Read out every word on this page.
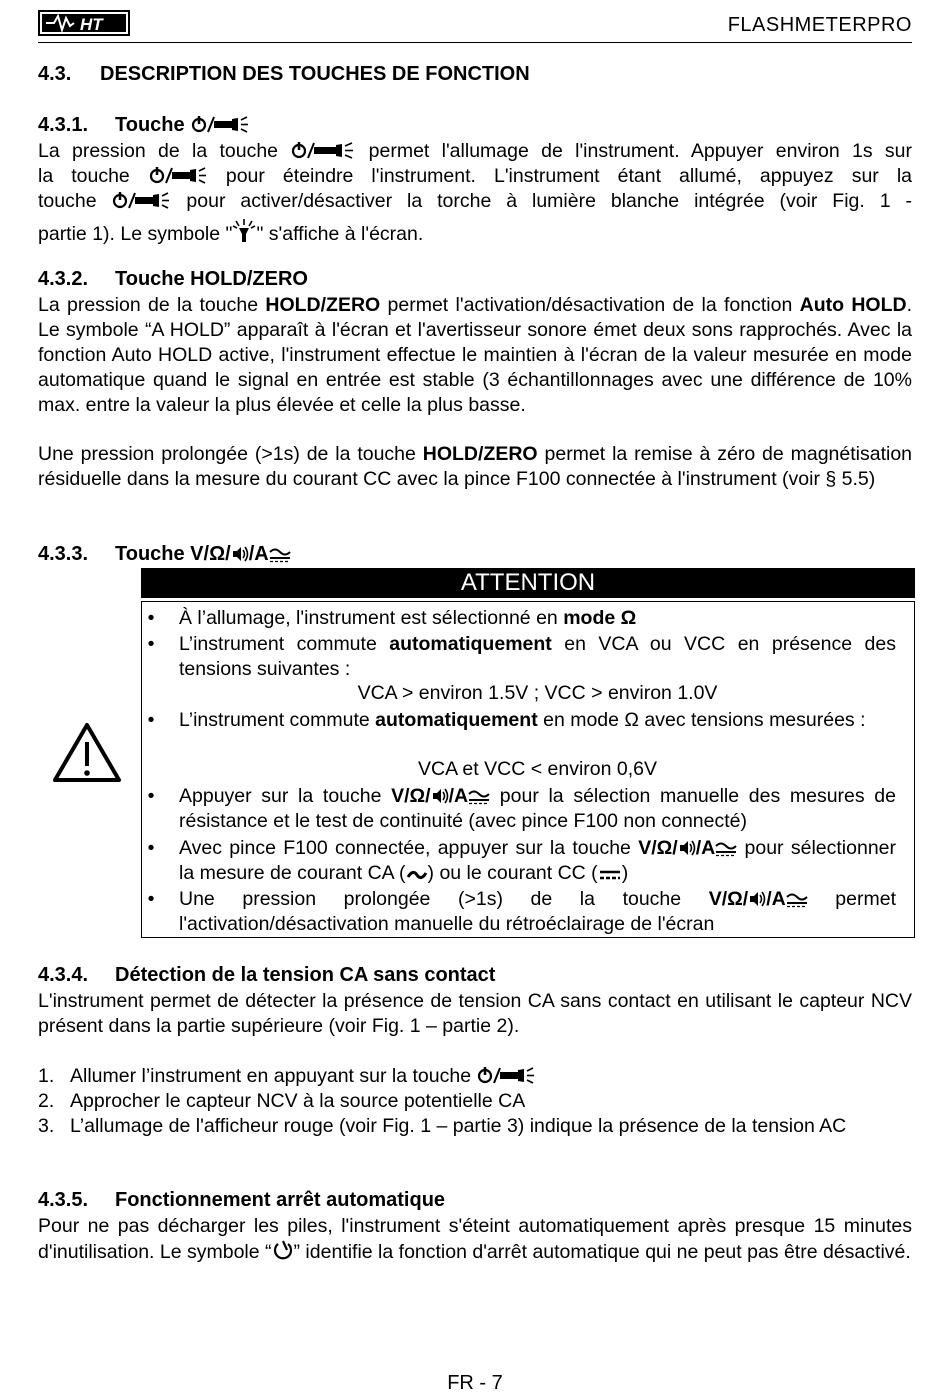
HT	FLASHMETERPRO
4.3. DESCRIPTION DES TOUCHES DE FONCTION
4.3.1. Touche
La pression de la touche	permet l'allumage de l'instrument. Appuyer environ 1s sur
la touche	pour éteindre l'instrument. L'instrument étant allumé, appuyez sur la
touche	pour activer/désactiver la torche à lumière blanche intégrée (voir Fig. 1 -
partie 1). Le symbole " " s'affiche à l'écran.
4.3.2. Touche HOLD/ZERO
La pression de la touche HOLD/ZERO permet l'activation/désactivation de la fonction Auto HOLD. Le symbole “A HOLD” apparaît à l'écran et l'avertisseur sonore émet deux sons rapprochés. Avec la fonction Auto HOLD active, l'instrument effectue le maintien à l'écran de la valeur mesurée en mode automatique quand le signal en entrée est stable (3 échantillonnages avec une différence de 10% max. entre la valeur la plus élevée et celle la plus basse.
Une pression prolongée (>1s) de la touche HOLD/ZERO permet la remise à zéro de magnétisation résiduelle dans la mesure du courant CC avec la pince F100 connectée à l'instrument (voir § 5.5)
4.3.3. Touche V/Ω/ /A
ATTENTION
• À l’allumage, l'instrument est sélectionné en mode Ω
• L’instrument commute automatiquement en VCA ou VCC en présence des tensions suivantes :
VCA > environ 1.5V ; VCC > environ 1.0V
• L’instrument commute automatiquement en mode Ω avec tensions mesurées :
VCA et VCC < environ 0,6V
• Appuyer sur la touche V/Ω/ /A pour la sélection manuelle des mesures de résistance et le test de continuité (avec pince F100 non connecté)
• Avec pince F100 connectée, appuyer sur la touche V/Ω/ /A pour sélectionner la mesure de courant CA ( ) ou le courant CC ( )
• Une pression prolongée (>1s) de la touche V/Ω/ /A	permet l'activation/désactivation manuelle du rétroéclairage de l'écran
4.3.4. Détection de la tension CA sans contact
L'instrument permet de détecter la présence de tension CA sans contact en utilisant le capteur NCV présent dans la partie supérieure (voir Fig. 1 – partie 2).
1. Allumer l’instrument en appuyant sur la touche
2. Approcher le capteur NCV à la source potentielle CA
3. L’allumage de l'afficheur rouge (voir Fig. 1 – partie 3) indique la présence de la tension AC
4.3.5. Fonctionnement arrêt automatique
Pour ne pas décharger les piles, l'instrument s'éteint automatiquement après presque 15 minutes d'inutilisation. Le symbole “ ” identifie la fonction d'arrêt automatique qui ne peut pas être désactivé.
FR - 7
